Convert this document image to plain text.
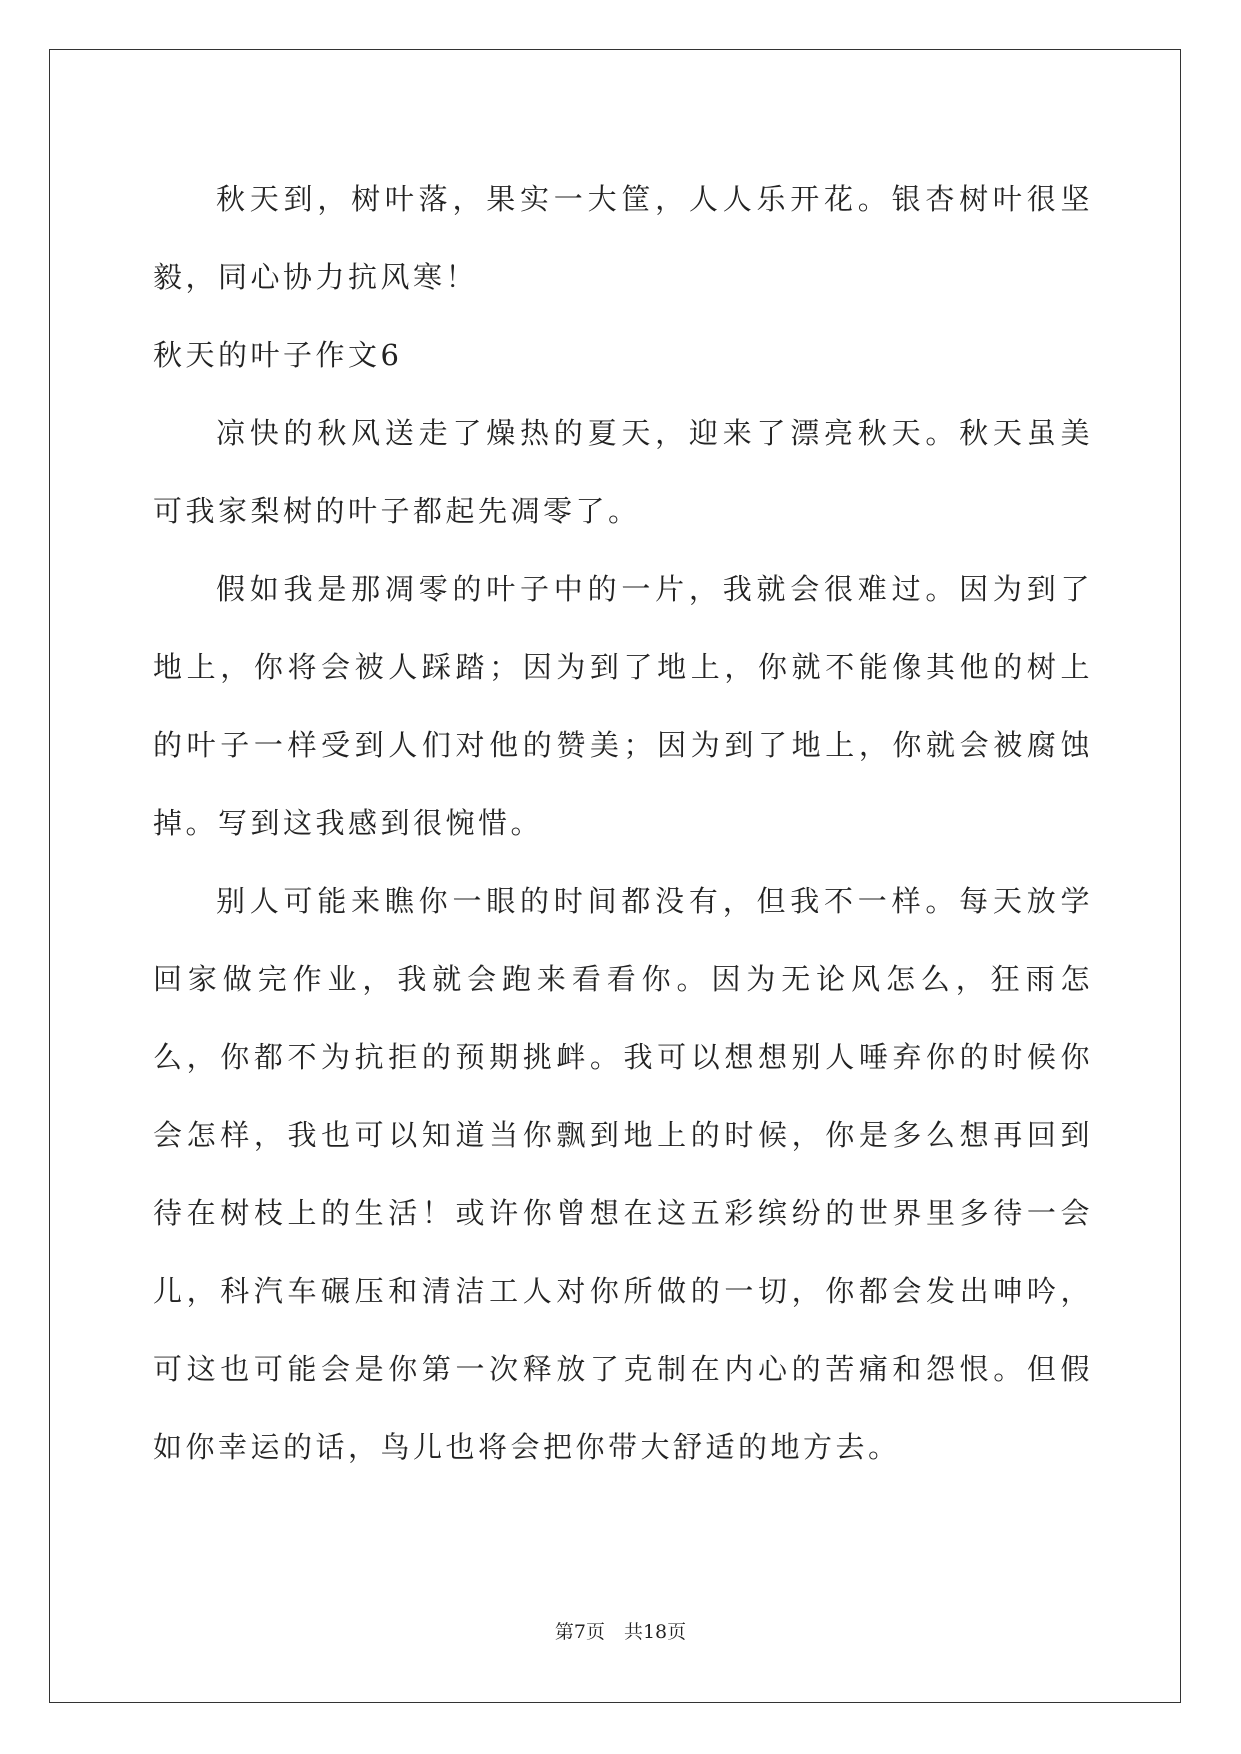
秋天到，树叶落，果实一大筐，人人乐开花。银杏树叶很坚毅，同心协力抗风寒！

秋天的叶子作文6

凉快的秋风送走了燥热的夏天，迎来了漂亮秋天。秋天虽美可我家梨树的叶子都起先凋零了。

假如我是那凋零的叶子中的一片，我就会很难过。因为到了地上，你将会被人踩踏；因为到了地上，你就不能像其他的树上的叶子一样受到人们对他的赞美；因为到了地上，你就会被腐蚀掉。写到这我感到很惋惜。

别人可能来瞧你一眼的时间都没有，但我不一样。每天放学回家做完作业，我就会跑来看看你。因为无论风怎么，狂雨怎么，你都不为抗拒的预期挑衅。我可以想想别人唾弃你的时候你会怎样，我也可以知道当你飘到地上的时候，你是多么想再回到待在树枝上的生活！或许你曾想在这五彩缤纷的世界里多待一会儿，科汽车碾压和清洁工人对你所做的一切，你都会发出呻吟，可这也可能会是你第一次释放了克制在内心的苦痛和怨恨。但假如你幸运的话，鸟儿也将会把你带大舒适的地方去。

第7页　共18页
